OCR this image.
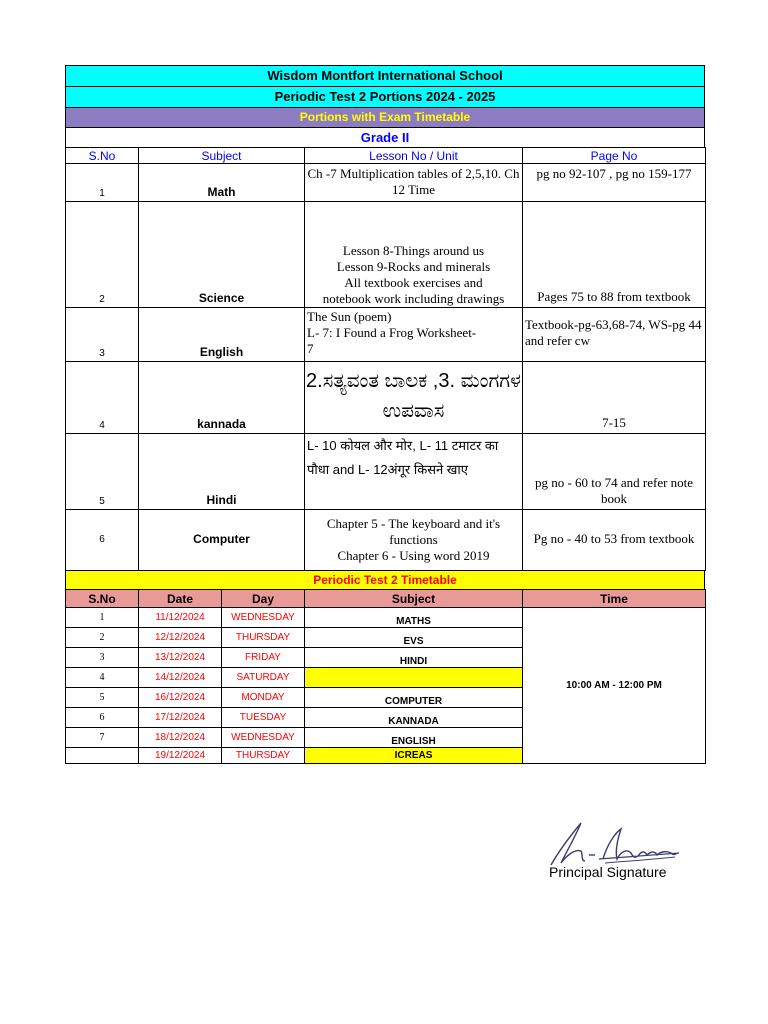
Wisdom Montfort International School
Periodic Test 2 Portions 2024 - 2025
Portions with Exam Timetable
Grade II
S.No	Subject	Lesson No / Unit	Page No
1	Math	Ch -7 Multiplication tables of 2,5,10. Ch 12 Time	pg no 92-107 , pg no 159-177
2	Science	Lesson 8-Things around us
Lesson 9-Rocks and minerals
All textbook exercises and
notebook work including drawings	Pages 75 to 88 from textbook
3	English	The Sun (poem)
L- 7: I Found a Frog Worksheet-
7	Textbook-pg-63,68-74, WS-pg 44 and refer cw
4	kannada	2.ಸತ್ಯವಂತ ಬಾಲಕ ,3. ಮಂಗಗಳ ಉಪವಾಸ	7-15
5	Hindi	L- 10 कोयल और मोर, L- 11 टमाटर का पौधा and L- 12अंगूर किसने खाए	pg no - 60 to 74 and refer note book
6	Computer	Chapter 5 - The keyboard and it's
functions
Chapter 6 - Using word 2019	Pg no - 40 to 53 from textbook
Periodic Test 2 Timetable
S.No	Date	Day	Subject	Time
1	11/12/2024	WEDNESDAY	MATHS	10:00 AM - 12:00 PM
2	12/12/2024	THURSDAY	EVS	
3	13/12/2024	FRIDAY	HINDI	
4	14/12/2024	SATURDAY		
5	16/12/2024	MONDAY	COMPUTER	
6	17/12/2024	TUESDAY	KANNADA	
7	18/12/2024	WEDNESDAY	ENGLISH	
	19/12/2024	THURSDAY	ICREAS	
Principal Signature
